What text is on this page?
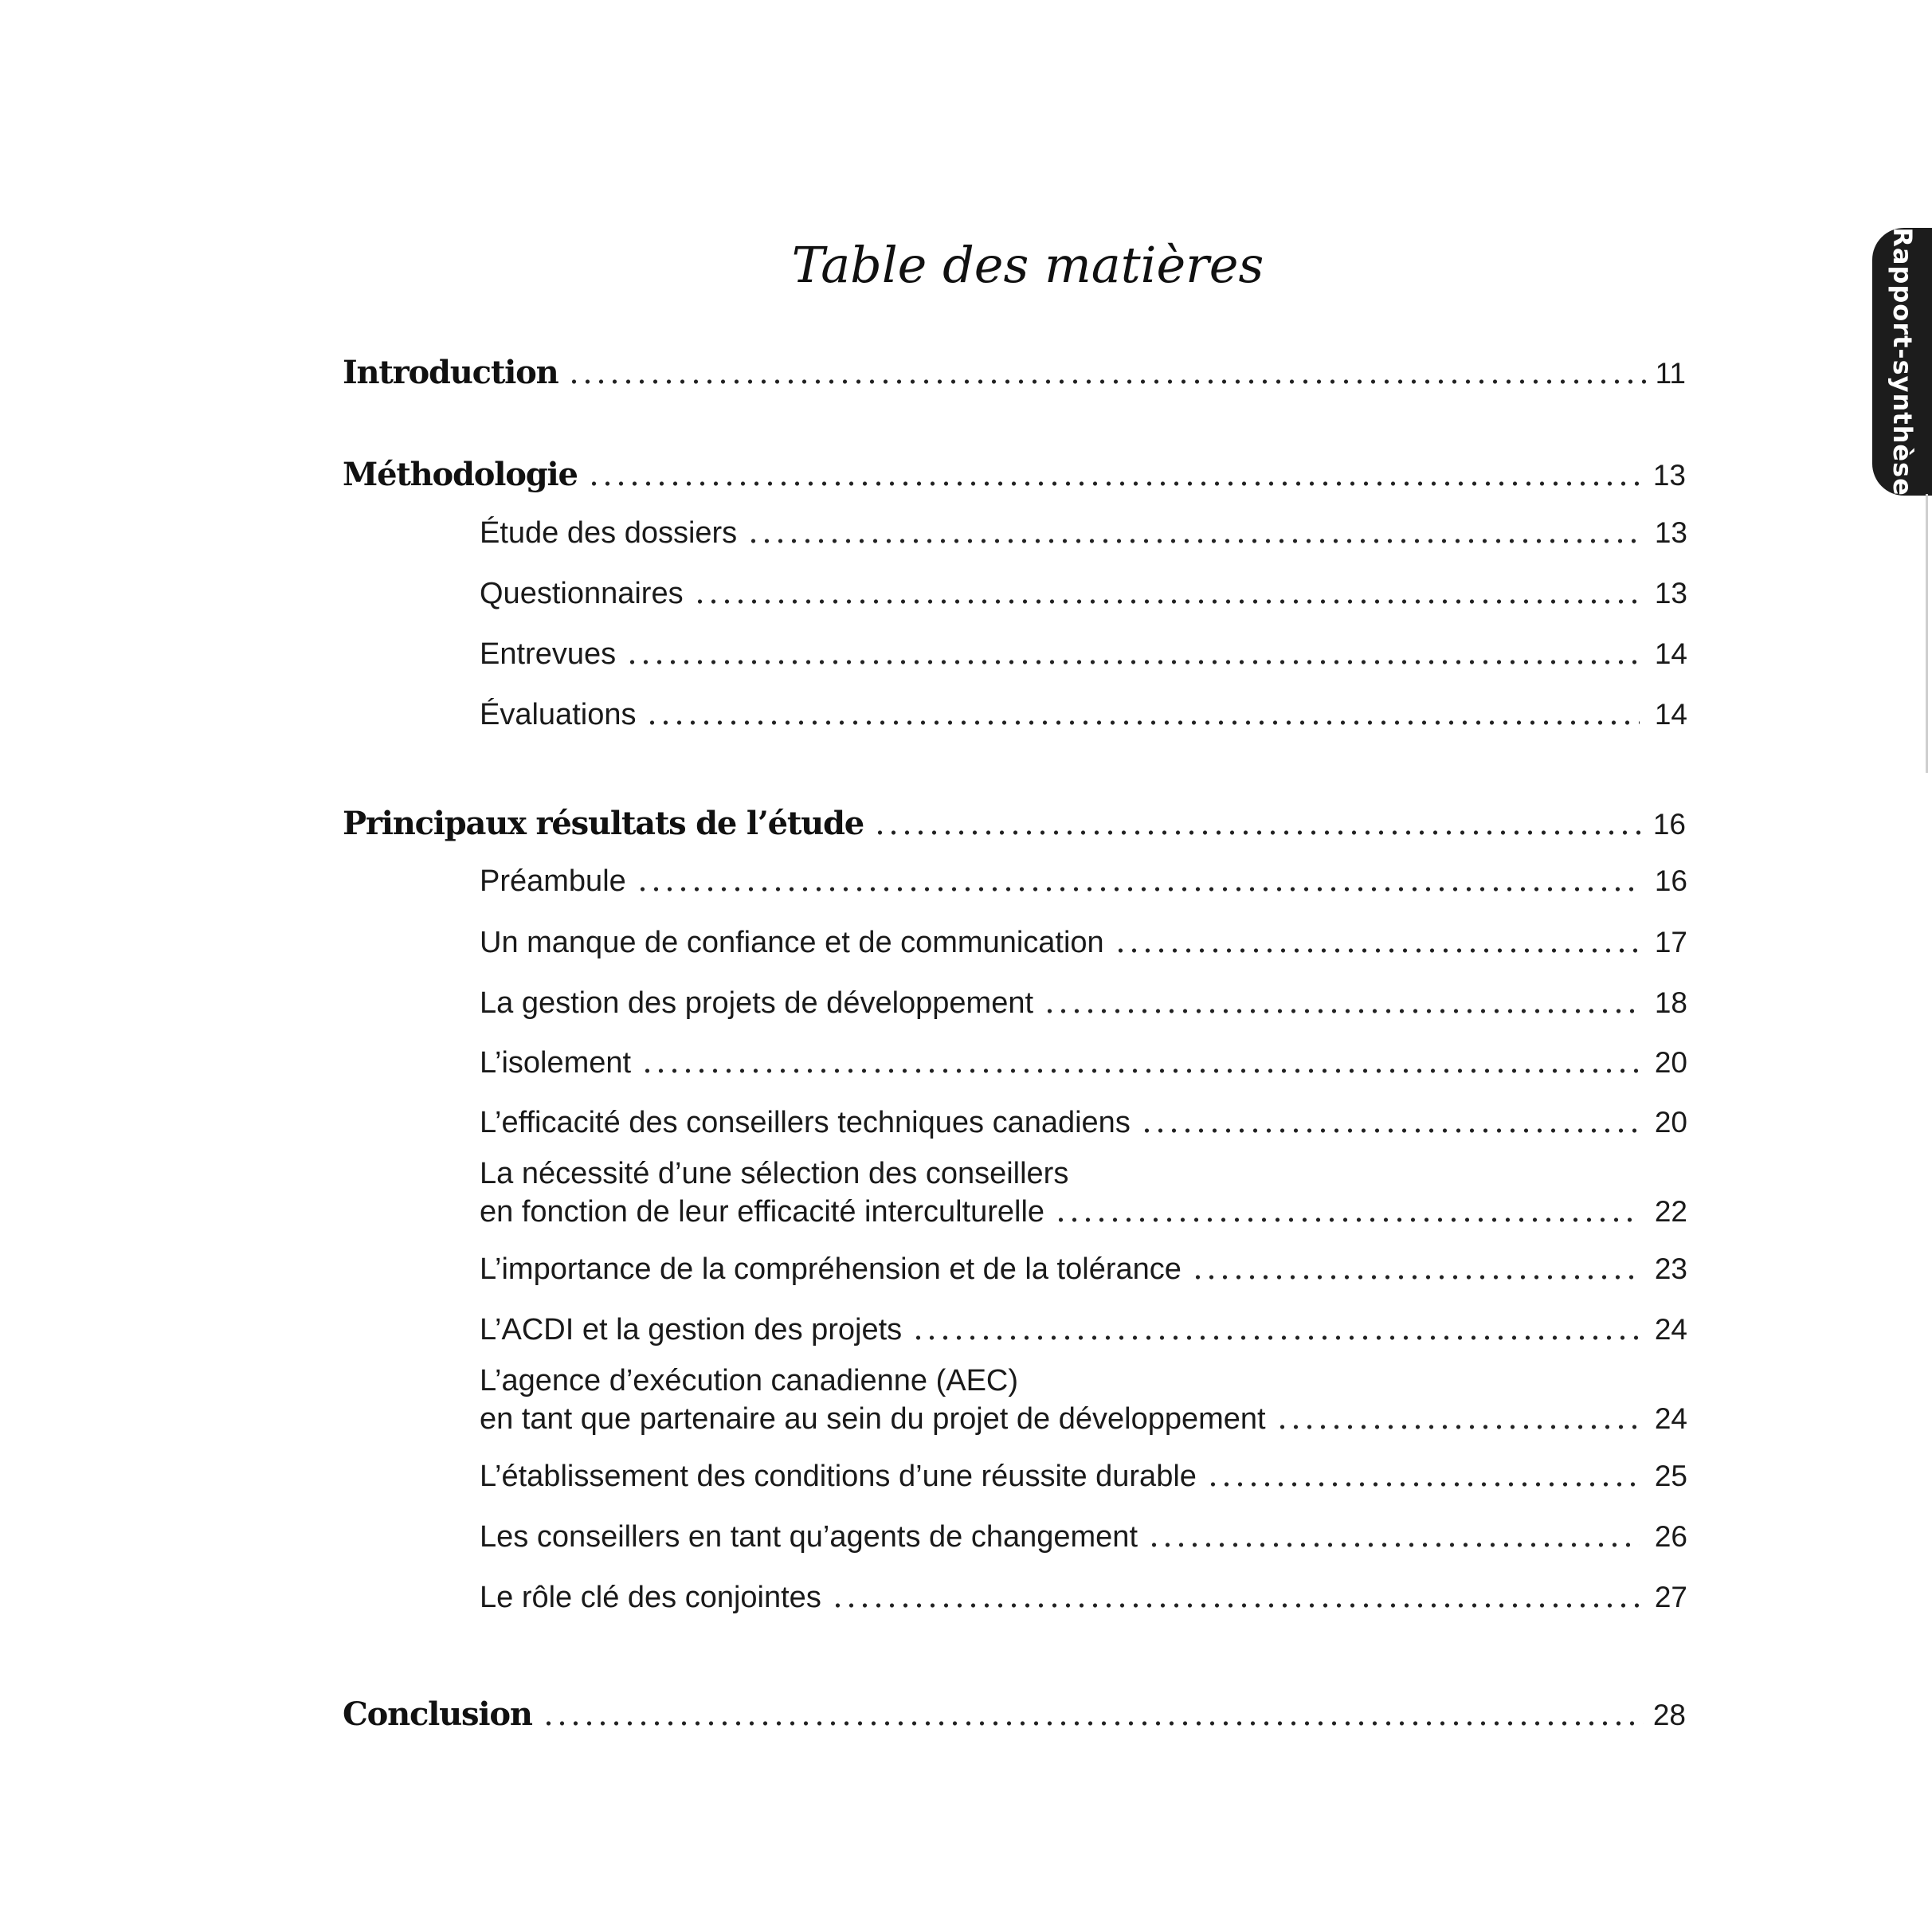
Rapport-synthèse
Table des matières
Introduction	11
Méthodologie	13
Étude des dossiers	13
Questionnaires	13
Entrevues	14
Évaluations	14
Principaux résultats de l’étude	16
Préambule	16
Un manque de confiance et de communication	17
La gestion des projets de développement	18
L’isolement	20
L’efficacité des conseillers techniques canadiens	20
La nécessité d’une sélection des conseillers
en fonction de leur efficacité interculturelle	22
L’importance de la compréhension et de la tolérance	23
L’ACDI et la gestion des projets	24
L’agence d’exécution canadienne (AEC)
en tant que partenaire au sein du projet de développement	24
L’établissement des conditions d’une réussite durable	25
Les conseillers en tant qu’agents de changement	26
Le rôle clé des conjointes	27
Conclusion	28
